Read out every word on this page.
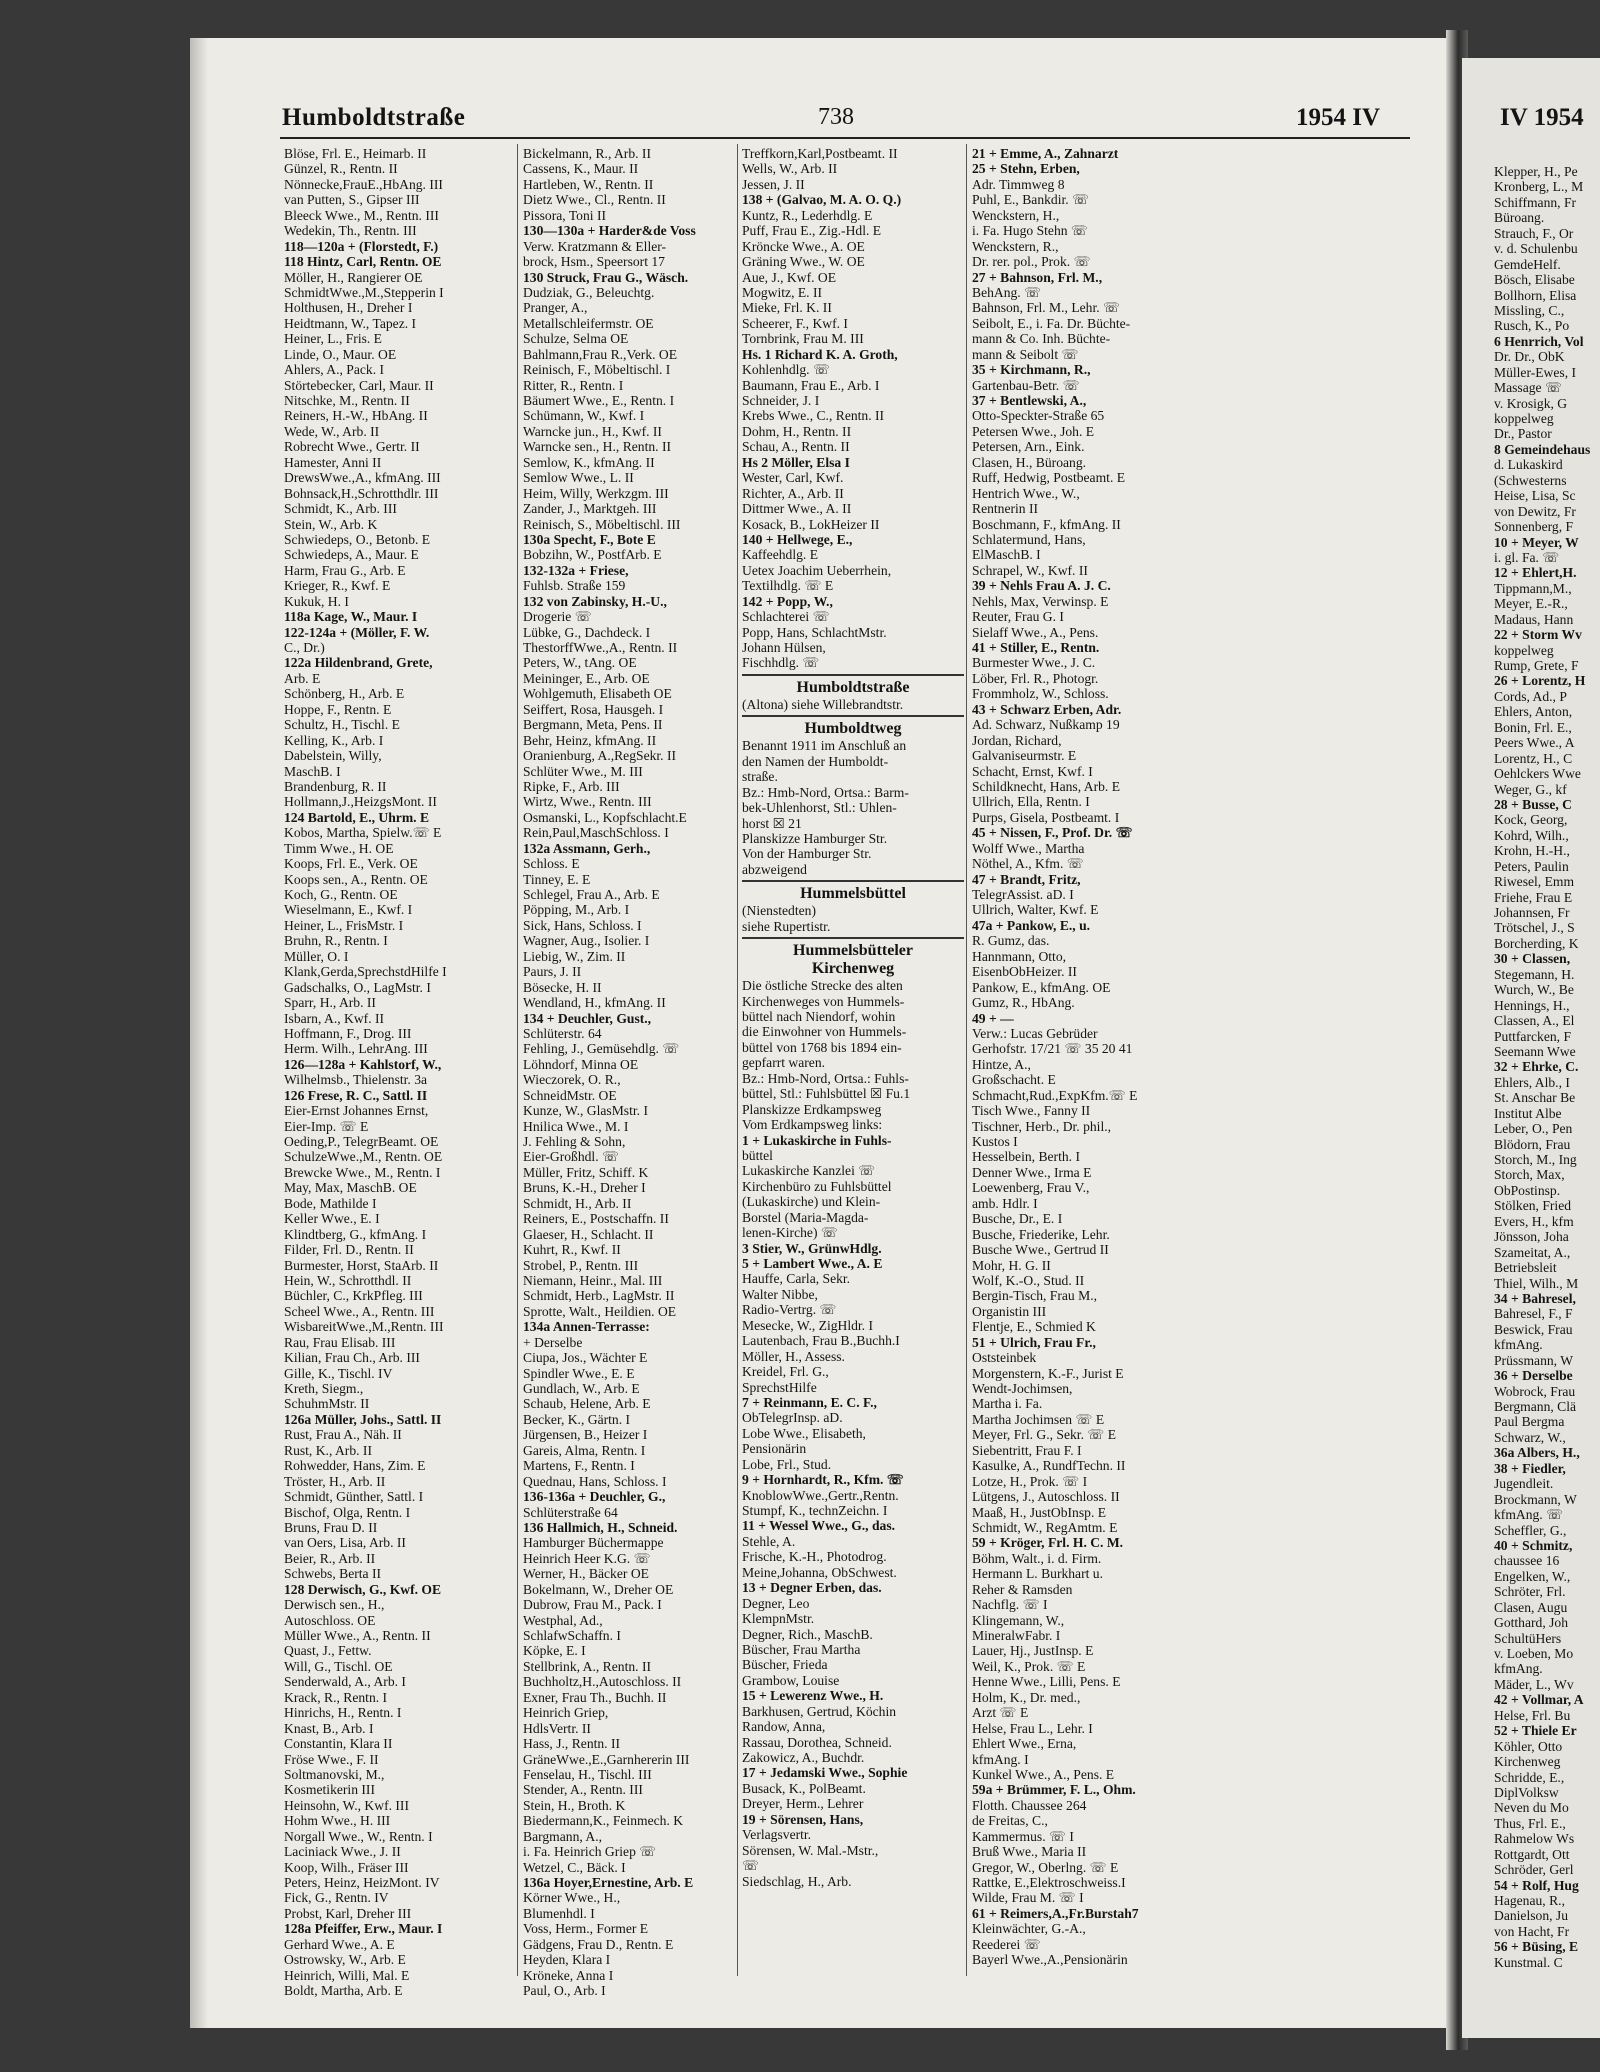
Humboldtstraße	738	1954 IV	IV 1954
Blöse, Frl. E., Heimarb. II
Günzel, R., Rentn. II
Nönnecke,FrauE.,HbAng. III
van Putten, S., Gipser III
Bleeck Wwe., M., Rentn. III
Wedekin, Th., Rentn. III
118—120a + (Florstedt, F.)
118 Hintz, Carl, Rentn. OE
Möller, H., Rangierer OE
SchmidtWwe.,M.,Stepperin I
Holthusen, H., Dreher I
Heidtmann, W., Tapez. I
Heiner, L., Fris. E
Linde, O., Maur. OE
Ahlers, A., Pack. I
Störtebecker, Carl, Maur. II
Nitschke, M., Rentn. II
Reiners, H.-W., HbAng. II
Wede, W., Arb. II
Robrecht Wwe., Gertr. II
Hamester, Anni II
DrewsWwe.,A., kfmAng. III
Bohnsack,H.,Schrotthdlr. III
Schmidt, K., Arb. III
Stein, W., Arb. K
Schwiedeps, O., Betonb. E
Schwiedeps, A., Maur. E
Harm, Frau G., Arb. E
Krieger, R., Kwf. E
Kukuk, H. I
118a Kage, W., Maur. I
122-124a + (Möller, F. W.
C., Dr.)
122a Hildenbrand, Grete,
Arb. E
Schönberg, H., Arb. E
Hoppe, F., Rentn. E
Schultz, H., Tischl. E
Kelling, K., Arb. I
Dabelstein, Willy,
MaschB. I
Brandenburg, R. II
Hollmann,J.,HeizgsMont. II
124 Bartold, E., Uhrm. E
Kobos, Martha, Spielw.☏ E
Timm Wwe., H. OE
Koops, Frl. E., Verk. OE
Koops sen., A., Rentn. OE
Koch, G., Rentn. OE
Wieselmann, E., Kwf. I
Heiner, L., FrisMstr. I
Bruhn, R., Rentn. I
Müller, O. I
Klank,Gerda,SprechstdHilfe I
Gadschalks, O., LagMstr. I
Sparr, H., Arb. II
Isbarn, A., Kwf. II
Hoffmann, F., Drog. III
Herm. Wilh., LehrAng. III
126—128a + Kahlstorf, W.,
Wilhelmsb., Thielenstr. 3a
126 Frese, R. C., Sattl. II
Eier-Ernst Johannes Ernst,
Eier-Imp. ☏ E
Oeding,P., TelegrBeamt. OE
SchulzeWwe.,M., Rentn. OE
Brewcke Wwe., M., Rentn. I
May, Max, MaschB. OE
Bode, Mathilde I
Keller Wwe., E. I
Klindtberg, G., kfmAng. I
Filder, Frl. D., Rentn. II
Burmester, Horst, StaArb. II
Hein, W., Schrotthdl. II
Büchler, C., KrkPfleg. III
Scheel Wwe., A., Rentn. III
WisbareitWwe.,M.,Rentn. III
Rau, Frau Elisab. III
Kilian, Frau Ch., Arb. III
Gille, K., Tischl. IV
Kreth, Siegm.,
SchuhmMstr. II
126a Müller, Johs., Sattl. II
Rust, Frau A., Näh. II
Rust, K., Arb. II
Rohwedder, Hans, Zim. E
Tröster, H., Arb. II
Schmidt, Günther, Sattl. I
Bischof, Olga, Rentn. I
Bruns, Frau D. II
van Oers, Lisa, Arb. II
Beier, R., Arb. II
Schwebs, Berta II
128 Derwisch, G., Kwf. OE
Derwisch sen., H.,
Autoschloss. OE
Müller Wwe., A., Rentn. II
Quast, J., Fettw.
Will, G., Tischl. OE
Senderwald, A., Arb. I
Krack, R., Rentn. I
Hinrichs, H., Rentn. I
Knast, B., Arb. I
Constantin, Klara II
Fröse Wwe., F. II
Soltmanovski, M.,
Kosmetikerin III
Heinsohn, W., Kwf. III
Hohm Wwe., H. III
Norgall Wwe., W., Rentn. I
Laciniack Wwe., J. II
Koop, Wilh., Fräser III
Peters, Heinz, HeizMont. IV
Fick, G., Rentn. IV
Probst, Karl, Dreher III
128a Pfeiffer, Erw., Maur. I
Gerhard Wwe., A. E
Ostrowsky, W., Arb. E
Heinrich, Willi, Mal. E
Boldt, Martha, Arb. E
Bickelmann, R., Arb. II
Cassens, K., Maur. II
Hartleben, W., Rentn. II
Dietz Wwe., Cl., Rentn. II
Pissora, Toni II
130—130a + Harder&de Voss
Verw. Kratzmann & Eller-
brock, Hsm., Speersort 17
130 Struck, Frau G., Wäsch.
Dudziak, G., Beleuchtg.
Pranger, A.,
Metallschleifermstr. OE
Schulze, Selma OE
Bahlmann,Frau R.,Verk. OE
Reinisch, F., Möbeltischl. I
Ritter, R., Rentn. I
Bäumert Wwe., E., Rentn. I
Schümann, W., Kwf. I
Warncke jun., H., Kwf. II
Warncke sen., H., Rentn. II
Semlow, K., kfmAng. II
Semlow Wwe., L. II
Heim, Willy, Werkzgm. III
Zander, J., Marktgeh. III
Reinisch, S., Möbeltischl. III
130a Specht, F., Bote E
Bobzihn, W., PostfArb. E
132-132a + Friese,
Fuhlsb. Straße 159
132 von Zabinsky, H.-U.,
Drogerie ☏
Lübke, G., Dachdeck. I
ThestorffWwe.,A., Rentn. II
Peters, W., tAng. OE
Meininger, E., Arb. OE
Wohlgemuth, Elisabeth OE
Seiffert, Rosa, Hausgeh. I
Bergmann, Meta, Pens. II
Behr, Heinz, kfmAng. II
Oranienburg, A.,RegSekr. II
Schlüter Wwe., M. III
Ripke, F., Arb. III
Wirtz, Wwe., Rentn. III
Osmanski, L., Kopfschlacht.E
Rein,Paul,MaschSchloss. I
132a Assmann, Gerh.,
Schloss. E
Tinney, E. E
Schlegel, Frau A., Arb. E
Pöpping, M., Arb. I
Sick, Hans, Schloss. I
Wagner, Aug., Isolier. I
Liebig, W., Zim. II
Paurs, J. II
Bösecke, H. II
Wendland, H., kfmAng. II
134 + Deuchler, Gust.,
Schlüterstr. 64
Fehling, J., Gemüsehdlg. ☏
Löhndorf, Minna OE
Wieczorek, O. R.,
SchneidMstr. OE
Kunze, W., GlasMstr. I
Hnilica Wwe., M. I
J. Fehling & Sohn,
Eier-Großhdl. ☏
Müller, Fritz, Schiff. K
Bruns, K.-H., Dreher I
Schmidt, H., Arb. II
Reiners, E., Postschaffn. II
Glaeser, H., Schlacht. II
Kuhrt, R., Kwf. II
Strobel, P., Rentn. III
Niemann, Heinr., Mal. III
Schmidt, Herb., LagMstr. II
Sprotte, Walt., Heildien. OE
134a Annen-Terrasse:
+ Derselbe
Ciupa, Jos., Wächter E
Spindler Wwe., E. E
Gundlach, W., Arb. E
Schaub, Helene, Arb. E
Becker, K., Gärtn. I
Jürgensen, B., Heizer I
Gareis, Alma, Rentn. I
Martens, F., Rentn. I
Quednau, Hans, Schloss. I
136-136a + Deuchler, G.,
Schlüterstraße 64
136 Hallmich, H., Schneid.
Hamburger Büchermappe
Heinrich Heer K.G. ☏
Werner, H., Bäcker OE
Bokelmann, W., Dreher OE
Dubrow, Frau M., Pack. I
Westphal, Ad.,
SchlafwSchaffn. I
Köpke, E. I
Stellbrink, A., Rentn. II
Buchholtz,H.,Autoschloss. II
Exner, Frau Th., Buchh. II
Heinrich Griep,
HdlsVertr. II
Hass, J., Rentn. II
GräneWwe.,E.,Garnhererin III
Fenselau, H., Tischl. III
Stender, A., Rentn. III
Stein, H., Broth. K
Biedermann,K., Feinmech. K
Bargmann, A.,
i. Fa. Heinrich Griep ☏
Wetzel, C., Bäck. I
136a Hoyer,Ernestine, Arb. E
Körner Wwe., H.,
Blumenhdl. I
Voss, Herm., Former E
Gädgens, Frau D., Rentn. E
Heyden, Klara I
Kröneke, Anna I
Paul, O., Arb. I
Treffkorn,Karl,Postbeamt. II
Wells, W., Arb. II
Jessen, J. II
138 + (Galvao, M. A. O. Q.)
Kuntz, R., Lederhdlg. E
Puff, Frau E., Zig.-Hdl. E
Kröncke Wwe., A. OE
Gräning Wwe., W. OE
Aue, J., Kwf. OE
Mogwitz, E. II
Mieke, Frl. K. II
Scheerer, F., Kwf. I
Tornbrink, Frau M. III
Hs. 1 Richard K. A. Groth,
Kohlenhdlg. ☏
Baumann, Frau E., Arb. I
Schneider, J. I
Krebs Wwe., C., Rentn. II
Dohm, H., Rentn. II
Schau, A., Rentn. II
Hs 2 Möller, Elsa I
Wester, Carl, Kwf.
Richter, A., Arb. II
Dittmer Wwe., A. II
Kosack, B., LokHeizer II
140 + Hellwege, E.,
Kaffeehdlg. E
Uetex Joachim Ueberrhein,
Textilhdlg. ☏ E
142 + Popp, W.,
Schlachterei ☏
Popp, Hans, SchlachtMstr.
Johann Hülsen,
Fischhdlg. ☏
Humboldtstraße
(Altona) siehe Willebrandtstr.
Humboldtweg
Benannt 1911 im Anschluß an
den Namen der Humboldt-
straße.
Bz.: Hmb-Nord, Ortsa.: Barm-
bek-Uhlenhorst, Stl.: Uhlen-
horst ☒ 21
Planskizze Hamburger Str.
Von der Hamburger Str.
abzweigend
Hummelsbüttel
(Nienstedten)
siehe Rupertistr.
Hummelsbütteler
Kirchenweg
Die östliche Strecke des alten
Kirchenweges von Hummels-
büttel nach Niendorf, wohin
die Einwohner von Hummels-
büttel von 1768 bis 1894 ein-
gepfarrt waren.
Bz.: Hmb-Nord, Ortsa.: Fuhls-
büttel, Stl.: Fuhlsbüttel ☒ Fu.1
Planskizze Erdkampsweg
Vom Erdkampsweg links:
1 + Lukaskirche in Fuhls-
büttel
Lukaskirche Kanzlei ☏
Kirchenbüro zu Fuhlsbüttel
(Lukaskirche) und Klein-
Borstel (Maria-Magda-
lenen-Kirche) ☏
3 Stier, W., GrünwHdlg.
5 + Lambert Wwe., A. E
Hauffe, Carla, Sekr.
Walter Nibbe,
Radio-Vertrg. ☏
Mesecke, W., ZigHldr. I
Lautenbach, Frau B.,Buchh.I
Möller, H., Assess.
Kreidel, Frl. G.,
SprechstHilfe
7 + Reinmann, E. C. F.,
ObTelegrInsp. aD.
Lobe Wwe., Elisabeth,
Pensionärin
Lobe, Frl., Stud.
9 + Hornhardt, R., Kfm. ☏
KnoblowWwe.,Gertr.,Rentn.
Stumpf, K., technZeichn. I
11 + Wessel Wwe., G., das.
Stehle, A.
Frische, K.-H., Photodrog.
Meine,Johanna, ObSchwest.
13 + Degner Erben, das.
Degner, Leo
KlempnMstr.
Degner, Rich., MaschB.
Büscher, Frau Martha
Büscher, Frieda
Grambow, Louise
15 + Lewerenz Wwe., H.
Barkhusen, Gertrud, Köchin
Randow, Anna,
Rassau, Dorothea, Schneid.
Zakowicz, A., Buchdr.
17 + Jedamski Wwe., Sophie
Busack, K., PolBeamt.
Dreyer, Herm., Lehrer
19 + Sörensen, Hans,
Verlagsvertr.
Sörensen, W. Mal.-Mstr.,
☏
Siedschlag, H., Arb.
21 + Emme, A., Zahnarzt
25 + Stehn, Erben,
Adr. Timmweg 8
Puhl, E., Bankdir. ☏
Wenckstern, H.,
i. Fa. Hugo Stehn ☏
Wenckstern, R.,
Dr. rer. pol., Prok. ☏
27 + Bahnson, Frl. M.,
BehAng. ☏
Bahnson, Frl. M., Lehr. ☏
Seibolt, E., i. Fa. Dr. Büchte-
mann & Co. Inh. Büchte-
mann & Seibolt ☏
35 + Kirchmann, R.,
Gartenbau-Betr. ☏
37 + Bentlewski, A.,
Otto-Speckter-Straße 65
Petersen Wwe., Joh. E
Petersen, Arn., Eink.
Clasen, H., Büroang.
Ruff, Hedwig, Postbeamt. E
Hentrich Wwe., W.,
Rentnerin II
Boschmann, F., kfmAng. II
Schlatermund, Hans,
ElMaschB. I
Schrapel, W., Kwf. II
39 + Nehls Frau A. J. C.
Nehls, Max, Verwinsp. E
Reuter, Frau G. I
Sielaff Wwe., A., Pens.
41 + Stiller, E., Rentn.
Burmester Wwe., J. C.
Löber, Frl. R., Photogr.
Frommholz, W., Schloss.
43 + Schwarz Erben, Adr.
Ad. Schwarz, Nußkamp 19
Jordan, Richard,
Galvaniseurmstr. E
Schacht, Ernst, Kwf. I
Schildknecht, Hans, Arb. E
Ullrich, Ella, Rentn. I
Purps, Gisela, Postbeamt. I
45 + Nissen, F., Prof. Dr. ☏
Wolff Wwe., Martha
Nöthel, A., Kfm. ☏
47 + Brandt, Fritz,
TelegrAssist. aD. I
Ullrich, Walter, Kwf. E
47a + Pankow, E., u.
R. Gumz, das.
Hannmann, Otto,
EisenbObHeizer. II
Pankow, E., kfmAng. OE
Gumz, R., HbAng.
49 + —
Verw.: Lucas Gebrüder
Gerhofstr. 17/21 ☏ 35 20 41
Hintze, A.,
Großschacht. E
Schmacht,Rud.,ExpKfm.☏ E
Tisch Wwe., Fanny II
Tischner, Herb., Dr. phil.,
Kustos I
Hesselbein, Berth. I
Denner Wwe., Irma E
Loewenberg, Frau V.,
amb. Hdlr. I
Busche, Dr., E. I
Busche, Friederike, Lehr.
Busche Wwe., Gertrud II
Mohr, H. G. II
Wolf, K.-O., Stud. II
Bergin-Tisch, Frau M.,
Organistin III
Flentje, E., Schmied K
51 + Ulrich, Frau Fr.,
Oststeinbek
Morgenstern, K.-F., Jurist E
Wendt-Jochimsen,
Martha i. Fa.
Martha Jochimsen ☏ E
Meyer, Frl. G., Sekr. ☏ E
Siebentritt, Frau F. I
Kasulke, A., RundfTechn. II
Lotze, H., Prok. ☏ I
Lütgens, J., Autoschloss. II
Maaß, H., JustObInsp. E
Schmidt, W., RegAmtm. E
59 + Kröger, Frl. H. C. M.
Böhm, Walt., i. d. Firm.
Hermann L. Burkhart u.
Reher & Ramsden
Nachflg. ☏ I
Klingemann, W.,
MineralwFabr. I
Lauer, Hj., JustInsp. E
Weil, K., Prok. ☏ E
Henne Wwe., Lilli, Pens. E
Holm, K., Dr. med.,
Arzt ☏ E
Helse, Frau L., Lehr. I
Ehlert Wwe., Erna,
kfmAng. I
Kunkel Wwe., A., Pens. E
59a + Brümmer, F. L., Ohm.
Flotth. Chaussee 264
de Freitas, C.,
Kammermus. ☏ I
Bruß Wwe., Maria II
Gregor, W., Oberlng. ☏ E
Rattke, E.,Elektroschweiss.I
Wilde, Frau M. ☏ I
61 + Reimers,A.,Fr.Burstah7
Kleinwächter, G.-A.,
Reederei ☏
Bayerl Wwe.,A.,Pensionärin
Klepper, H., Pe
Kronberg, L., M
Schiffmann, Fr
Büroang.
Strauch, F., Or
v. d. Schulenbu
GemdeHelf.
Bösch, Elisabe
Bollhorn, Elisa
Missling, C.,
Rusch, K., Po
6 Henrrich, Vol
Dr. Dr., ObK
Müller-Ewes, I
Massage ☏
v. Krosigk, G
koppelweg
Dr., Pastor
8 Gemeindehaus
d. Lukaskird
(Schwesterns
Heise, Lisa, Sc
von Dewitz, Fr
Sonnenberg, F
10 + Meyer, W
i. gl. Fa. ☏
12 + Ehlert,H.
Tippmann,M.,
Meyer, E.-R.,
Madaus, Hann
22 + Storm Wv
koppelweg
Rump, Grete, F
26 + Lorentz, H
Cords, Ad., P
Ehlers, Anton,
Bonin, Frl. E.,
Peers Wwe., A
Lorentz, H., C
Oehlckers Wwe
Weger, G., kf
28 + Busse, C
Kock, Georg,
Kohrd, Wilh.,
Krohn, H.-H.,
Peters, Paulin
Riwesel, Emm
Friehe, Frau E
Johannsen, Fr
Trötschel, J., S
Borcherding, K
30 + Classen,
Stegemann, H.
Wurch, W., Be
Hennings, H.,
Classen, A., El
Puttfarcken, F
Seemann Wwe
32 + Ehrke, C.
Ehlers, Alb., I
St. Anschar Be
Institut Albe
Leber, O., Pen
Blödorn, Frau
Storch, M., Ing
Storch, Max,
ObPostinsp.
Stölken, Fried
Evers, H., kfm
Jönsson, Joha
Szameitat, A.,
Betriebsleit
Thiel, Wilh., M
34 + Bahresel,
Bahresel, F., F
Beswick, Frau
kfmAng.
Prüssmann, W
36 + Derselbe
Wobrock, Frau
Bergmann, Clä
Paul Bergma
Schwarz, W.,
36a Albers, H.,
38 + Fiedler,
Jugendleit.
Brockmann, W
kfmAng. ☏
Scheffler, G.,
40 + Schmitz,
chaussee 16
Engelken, W.,
Schröter, Frl.
Clasen, Augu
Gotthard, Joh
SchultüHers
v. Loeben, Mo
kfmAng.
Mäder, L., Wv
42 + Vollmar, A
Helse, Frl. Bu
52 + Thiele Er
Köhler, Otto
Kirchenweg
Schridde, E.,
DiplVolksw
Neven du Mo
Thus, Frl. E.,
Rahmelow Ws
Rottgardt, Ott
Schröder, Gerl
54 + Rolf, Hug
Hagenau, R.,
Danielson, Ju
von Hacht, Fr
56 + Büsing, E
Kunstmal. C
